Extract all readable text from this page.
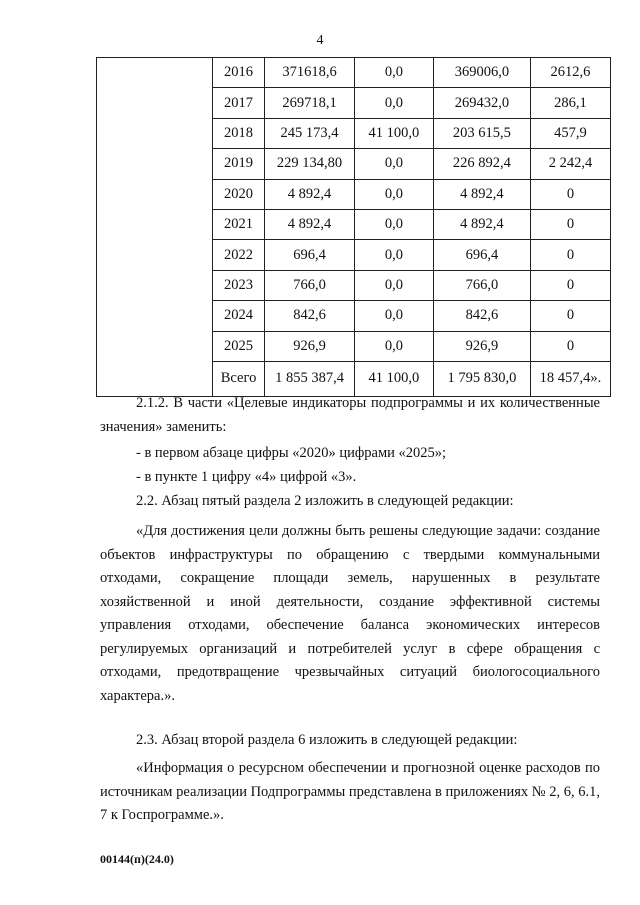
4
	2016	371618,6	0,0	369006,0	2612,6
	2017	269718,1	0,0	269432,0	286,1
	2018	245 173,4	41 100,0	203 615,5	457,9
	2019	229 134,80	0,0	226 892,4	2 242,4
	2020	4 892,4	0,0	4 892,4	0
	2021	4 892,4	0,0	4 892,4	0
	2022	696,4	0,0	696,4	0
	2023	766,0	0,0	766,0	0
	2024	842,6	0,0	842,6	0
	2025	926,9	0,0	926,9	0
	Всего	1 855 387,4	41 100,0	1 795 830,0	18 457,4».

2.1.2. В части «Целевые индикаторы подпрограммы и их количественные значения» заменить:

- в первом абзаце цифры «2020» цифрами «2025»;

- в пункте 1 цифру «4» цифрой «3».

2.2. Абзац пятый раздела 2 изложить в следующей редакции:

«Для достижения цели должны быть решены следующие задачи: создание объектов инфраструктуры по обращению с твердыми коммунальными отходами, сокращение площади земель, нарушенных в результате хозяйственной и иной деятельности, создание эффективной системы управления отходами, обеспечение баланса экономических интересов регулируемых организаций и потребителей услуг в сфере обращения с отходами, предотвращение чрезвычайных ситуаций биологосоциального характера.».

2.3. Абзац второй раздела 6 изложить в следующей редакции:

«Информация о ресурсном обеспечении и прогнозной оценке расходов по источникам реализации Подпрограммы представлена в приложениях № 2, 6, 6.1, 7 к Госпрограмме.».

00144(п)(24.0)
